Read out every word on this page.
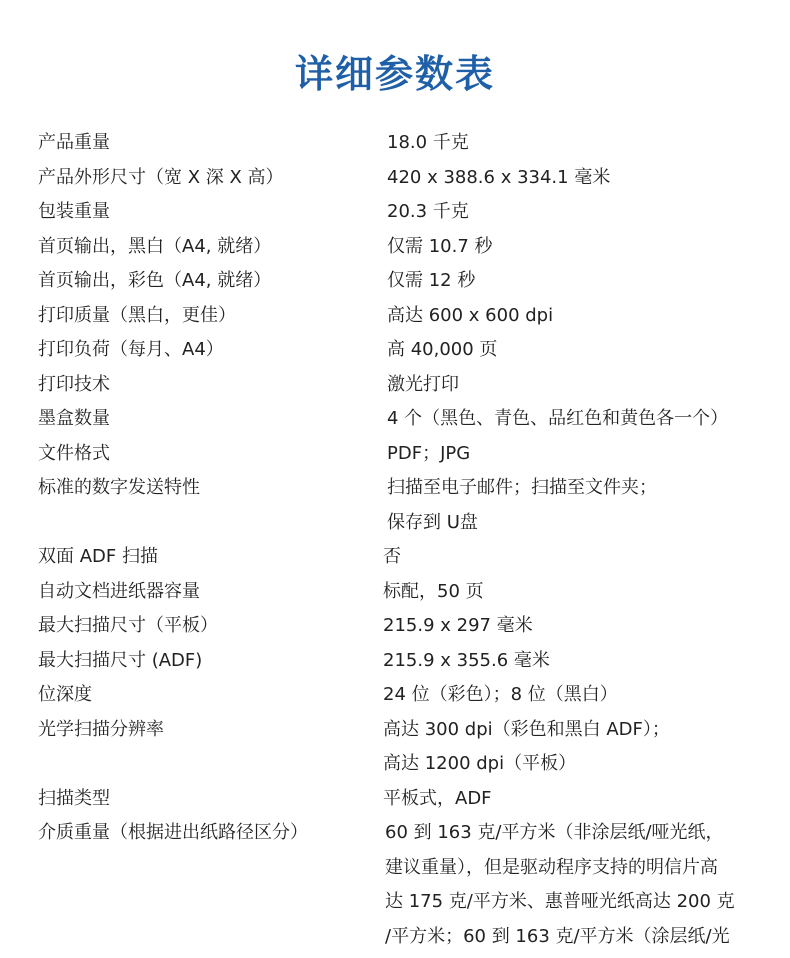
详细参数表
产品重量	18.0 千克
产品外形尺寸（宽 X 深 X 高）	420 x 388.6 x 334.1 毫米
包装重量	20.3 千克
首页输出，黑白（A4, 就绪）	仅需 10.7 秒
首页输出，彩色（A4, 就绪）	仅需 12 秒
打印质量（黑白，更佳）	高达 600 x 600 dpi
打印负荷（每月、A4）	高 40,000 页
打印技术	激光打印
墨盒数量	4 个（黑色、青色、品红色和黄色各一个）
文件格式	PDF；JPG
标准的数字发送特性	扫描至电子邮件；扫描至文件夹；
保存到 U盘
双面 ADF 扫描	否
自动文档进纸器容量	标配，50 页
最大扫描尺寸（平板）	215.9 x 297 毫米
最大扫描尺寸 (ADF)	215.9 x 355.6 毫米
位深度	24 位（彩色）；8 位（黑白）
光学扫描分辨率	高达 300 dpi（彩色和黑白 ADF）；
高达 1200 dpi（平板）
扫描类型	平板式，ADF
介质重量（根据进出纸路径区分）	60 到 163 克/平方米（非涂层纸/哑光纸，
建议重量），但是驱动程序支持的明信片高
达 175 克/平方米、惠普哑光纸高达 200 克
/平方米；60 到 163 克/平方米（涂层纸/光
